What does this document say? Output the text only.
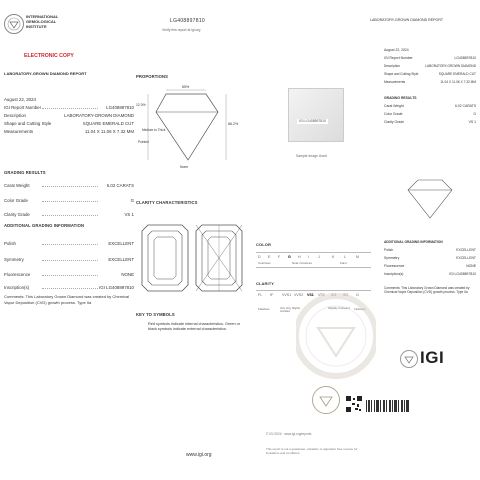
INTERNATIONAL
GEMOLOGICAL
INSTITUTE
ELECTRONIC COPY
LABORATORY-GROWN DIAMOND REPORT
LG408897810
Verify this report at igi.org
August 22, 2024
IGI Report Number	LG408897810
Description	LABORATORY-GROWN DIAMOND
Shape and Cutting Style	SQUARE EMERALD CUT
Measurements	11.04 X 11.06 X 7.32 MM
GRADING RESULTS
Carat Weight	6.02 CARATS
Color Grade	G
Clarity Grade	VS 1
ADDITIONAL GRADING INFORMATION
Polish	EXCELLENT
Symmetry	EXCELLENT
Fluorescence	NONE
Inscription(s)	IGI LG408897810
Comments: This Laboratory Grown Diamond was created by Chemical Vapor Deposition (CVD) growth process. Type IIa
PROPORTIONS
65%
66.2%
12.0%
Medium to Thick
Pointed
None
IGI LG408897810
Sample Image Used
CLARITY CHARACTERISTICS
KEY TO SYMBOLS
Red symbols indicate internal characteristics. Green or black symbols indicate external characteristics.
COLOR
D E F G H I	J	K	L	M
Colorless	Near Colorless	Faint
CLARITY
FL IF VVS1 VVS2 VS1 VS2 SI1 SI2 I1
Flawless	Very Very Slightly Included
Slightly Included	Included
LABORATORY-GROWN DIAMOND REPORT
August 22, 2024
IGI Report Number	LG408897810
Description	LABORATORY-GROWN DIAMOND
Shape and Cutting Style	SQUARE EMERALD CUT
Measurements	11.04 X 11.06 X 7.32 MM
GRADING RESULTS
Carat Weight	6.02 CARATS
Color Grade	G
Clarity Grade	VS 1
ADDITIONAL GRADING INFORMATION
Polish	EXCELLENT
Symmetry	EXCELLENT
Fluorescence	NONE
Inscription(s)	IGI LG408897810
Comments: This Laboratory Grown Diamond was created by Chemical Vapor Deposition (CVD) growth process. Type IIa
IGI
www.igi.org
© IGI 2024 · www.igi.org/reports
This report is not a guarantee, valuation or appraisal. See reverse for limitations and conditions.
